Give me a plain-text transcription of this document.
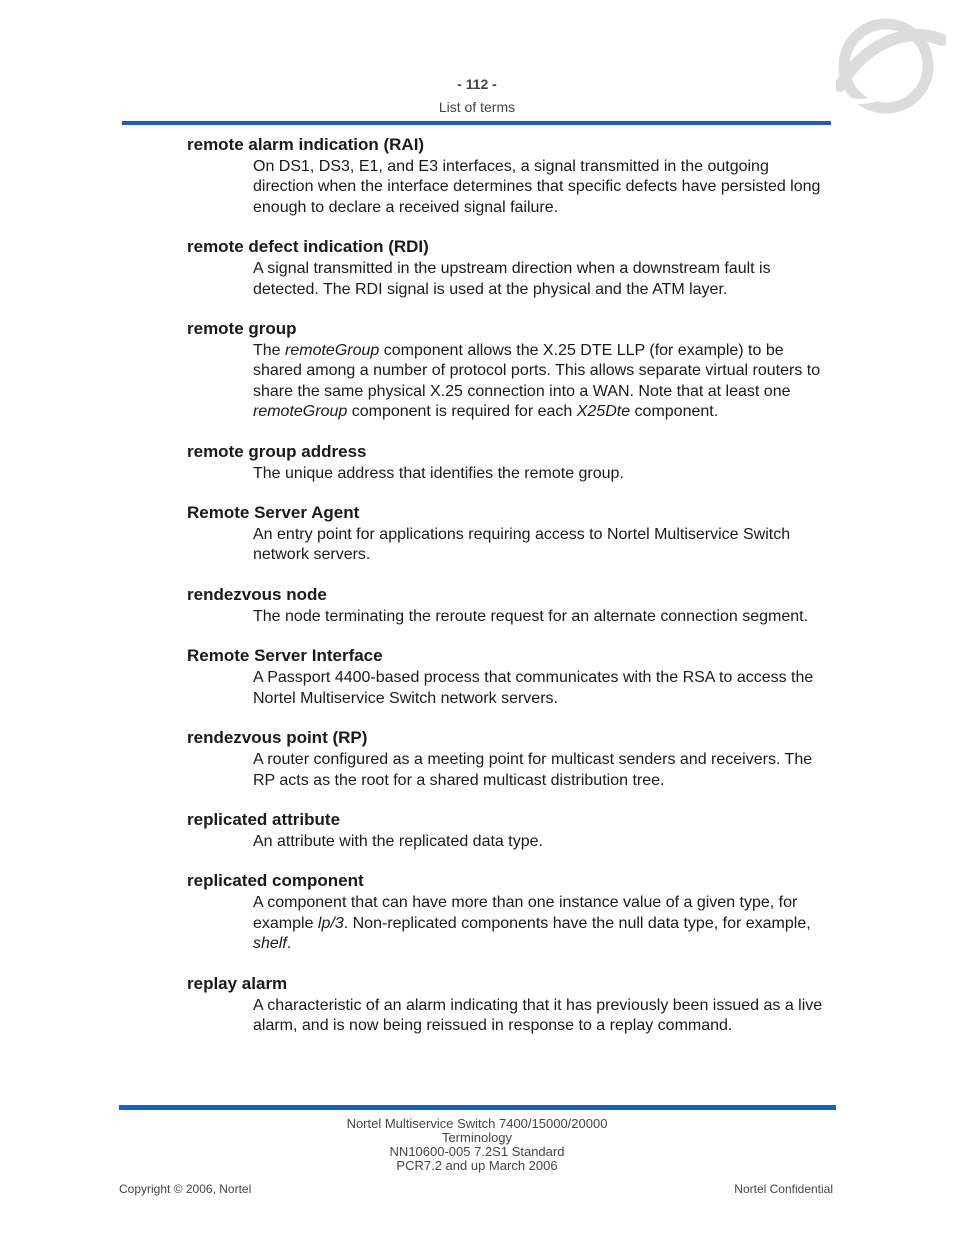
- 112 -
List of terms
remote alarm indication (RAI)
On DS1, DS3, E1, and E3 interfaces, a signal transmitted in the outgoing direction when the interface determines that specific defects have persisted long enough to declare a received signal failure.
remote defect indication (RDI)
A signal transmitted in the upstream direction when a downstream fault is detected. The RDI signal is used at the physical and the ATM layer.
remote group
The remoteGroup component allows the X.25 DTE LLP (for example) to be shared among a number of protocol ports. This allows separate virtual routers to share the same physical X.25 connection into a WAN. Note that at least one remoteGroup component is required for each X25Dte component.
remote group address
The unique address that identifies the remote group.
Remote Server Agent
An entry point for applications requiring access to Nortel Multiservice Switch network servers.
rendezvous node
The node terminating the reroute request for an alternate connection segment.
Remote Server Interface
A Passport 4400-based process that communicates with the RSA to access the Nortel Multiservice Switch network servers.
rendezvous point (RP)
A router configured as a meeting point for multicast senders and receivers. The RP acts as the root for a shared multicast distribution tree.
replicated attribute
An attribute with the replicated data type.
replicated component
A component that can have more than one instance value of a given type, for example lp/3. Non-replicated components have the null data type, for example, shelf.
replay alarm
A characteristic of an alarm indicating that it has previously been issued as a live alarm, and is now being reissued in response to a replay command.
Nortel Multiservice Switch 7400/15000/20000
Terminology
NN10600-005 7.2S1 Standard
PCR7.2 and up March 2006
Copyright © 2006, Nortel	Nortel Confidential
